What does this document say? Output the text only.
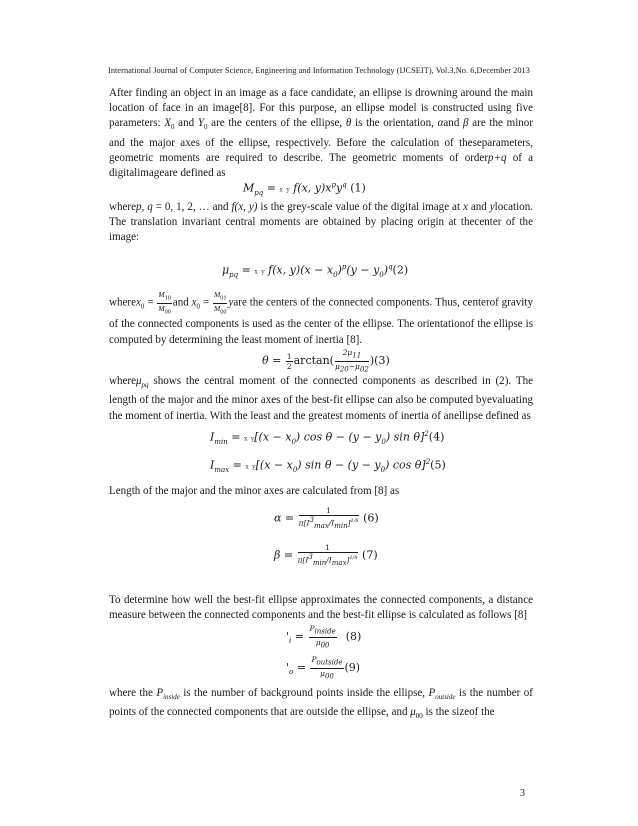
International Journal of Computer Science, Engineering and Information Technology (IJCSEIT), Vol.3,No. 6,December 2013

After finding an object in an image as a face candidate, an ellipse is drowning around the main location of face in an image[8]. For this purpose, an ellipse model is constructed using five parameters: $X_0$ and $Y_0$ are the centers of the ellipse, θ is the orientation, αand β are the minor and the major axes of the ellipse, respectively. Before the calculation of theseparameters, geometric moments are required to describe. The geometric moments of orderp+q of a digitalimageare defined as

$M_{pq} = x$ y f(x, $y)x^py^q$ (1)

wherep, q = 0, 1, 2, … and f(x, y) is the grey-scale value of the digital image at x and ylocation. The translation invariant central moments are obtained by placing origin at thecenter of the image:

$\mu_{pq} = x$ y f(x, $y)(x - x_0)^p(y - y_0)^q(2)$
wherex$_0$ = $\frac{M_{10}}{M_{00}}$ and $x_0 = \frac{M_{01}}{M_{00}}$ yare the centers of the connected components. Thus, centerof gravity of the connected components is used as the center of the ellipse. The orientationof the ellipse is computed by determining the least moment of inertia [8].
$\theta = \frac{1}{2} \arctan( \frac{2\mu_{11}}{\mu_{20}-\mu_{02}} )(3)$

whereμ$_{pq}$ shows the central moment of the connected components as described in (2). The length of the major and the minor axes of the best-fit ellipse can also be computed byevaluating the moment of inertia. With the least and the greatest moments of inertia of anellipse defined as

$I_{min} = x$ $y[(x - x_0)$ $\cos \theta - (y - y_0)$ sin θ]$^2$(4)
$I_{max} = x$ $y[(x - x_0)$ $\sin \theta - (y - y_0)$ cos θ]$^2$(5)

Length of the major and the minor axes are calculated from [8] as

$\alpha = \frac{1}{\pi[I^3_{max}/I_{min}]^{1/8}} (6)$
$\beta = \frac{1}{\pi[I^3_{min}/I_{max}]^{1/8}} (7)$

To determine how well the best-fit ellipse approximates the connected components, a distance measure between the connected components and the best-fit ellipse is calculated as follows [8]

'$_i = \frac{P_{inside}}{\mu_{00}} (8)$
'$_o = \frac{P_{outside}}{\mu_{00}} (9)$

where the $P_{inside}$ is the number of background points inside the ellipse, $P_{outside}$ is the number of points of the connected components that are outside the ellipse, and $\mu_{00}$ is the sizeof the

3
